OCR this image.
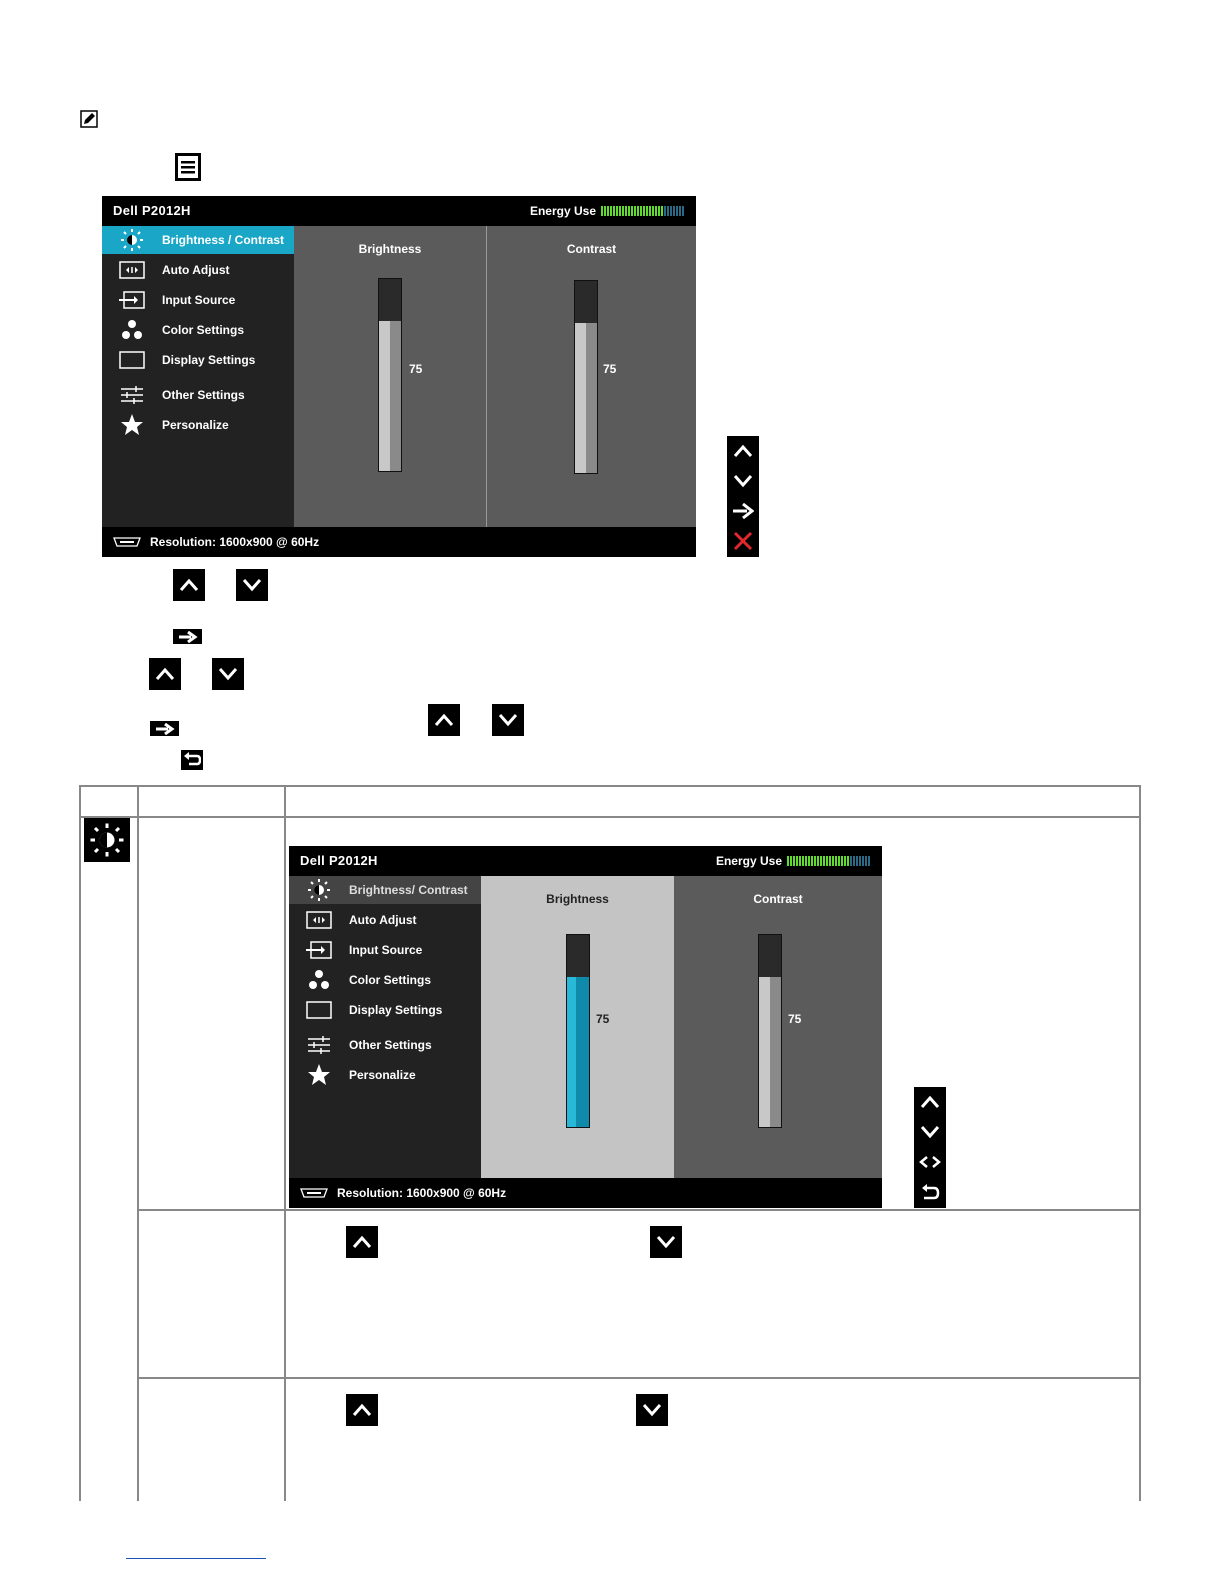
Dell P2012H	Energy Use
Brightness / Contrast
Auto Adjust
Input Source
Color Settings
Display Settings
Other Settings
Personalize
Brightness
75
Contrast
75
Resolution: 1600x900 @ 60Hz
Dell P2012H	Energy Use
Brightness/ Contrast
Auto Adjust
Input Source
Color Settings
Display Settings
Other Settings
Personalize
Brightness
75
Contrast
75
Resolution: 1600x900 @ 60Hz
